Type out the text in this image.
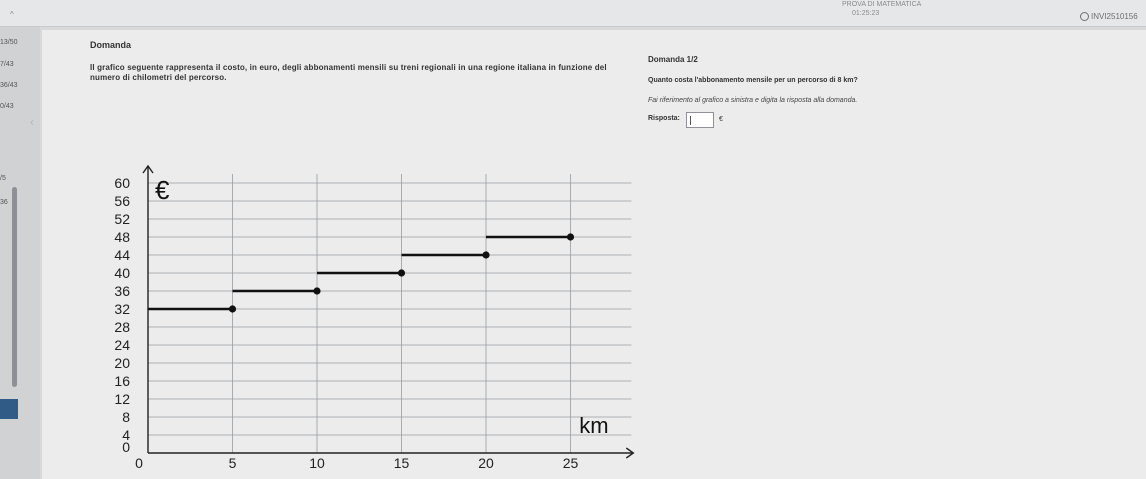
^
PROVA DI MATEMATICA
01:25:23	INVI2510156
13/50
7/43
36/43
0/43
‹
/5
36
Domanda
Il grafico seguente rappresenta il costo, in euro, degli abbonamenti mensili su treni regionali in una regione italiana in funzione del numero di chilometri del percorso.
0
4
8
12
16
20
24
28
32
36
40
44
48
52
56
60
0	5	10	15	20	25
€
km
Domanda 1/2
Quanto costa l'abbonamento mensile per un percorso di 8 km?
Fai riferimento al grafico a sinistra e digita la risposta alla domanda.
Risposta:	€
